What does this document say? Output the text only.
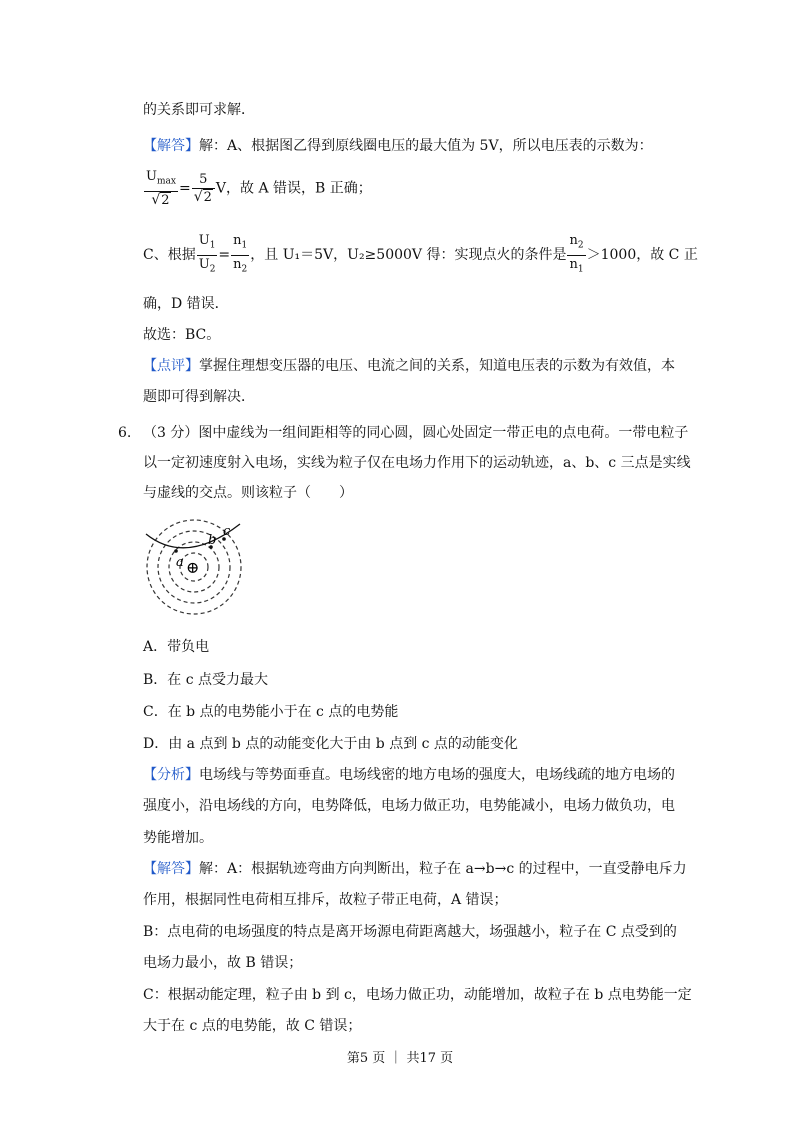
的关系即可求解．
【解答】解：A、根据图乙得到原线圈电压的最大值为 5V，所以电压表的示数为：
$\frac{U_{max}}{√2} = \frac{5}{√2}$ V，故 A 错误，B 正确；
C、根据 $\frac{U_1}{U_2} = \frac{n_1}{n_2}$ ，且 U₁＝5V，U₂≥5000V 得：实现点火的条件是 $\frac{n_2}{n_1} >1000$，故 C 正
确，D 错误．
故选：BC。
【点评】掌握住理想变压器的电压、电流之间的关系，知道电压表的示数为有效值，本
题即可得到解决．
6. （3 分）图中虚线为一组间距相等的同心圆，圆心处固定一带正电的点电荷。一带电粒子
以一定初速度射入电场，实线为粒子仅在电场力作用下的运动轨迹，a、b、c 三点是实线
与虚线的交点。则该粒子（　　）
a
b
c
⊕
A．带负电
B．在 c 点受力最大
C．在 b 点的电势能小于在 c 点的电势能
D．由 a 点到 b 点的动能变化大于由 b 点到 c 点的动能变化
【分析】电场线与等势面垂直。电场线密的地方电场的强度大，电场线疏的地方电场的
强度小，沿电场线的方向，电势降低，电场力做正功，电势能减小，电场力做负功，电
势能增加。
【解答】解：A：根据轨迹弯曲方向判断出，粒子在 a→b→c 的过程中，一直受静电斥力
作用，根据同性电荷相互排斥，故粒子带正电荷，A 错误；
B：点电荷的电场强度的特点是离开场源电荷距离越大，场强越小，粒子在 C 点受到的
电场力最小，故 B 错误；
C：根据动能定理，粒子由 b 到 c，电场力做正功，动能增加，故粒子在 b 点电势能一定
大于在 c 点的电势能，故 C 错误；
第5 页 ｜ 共17 页
